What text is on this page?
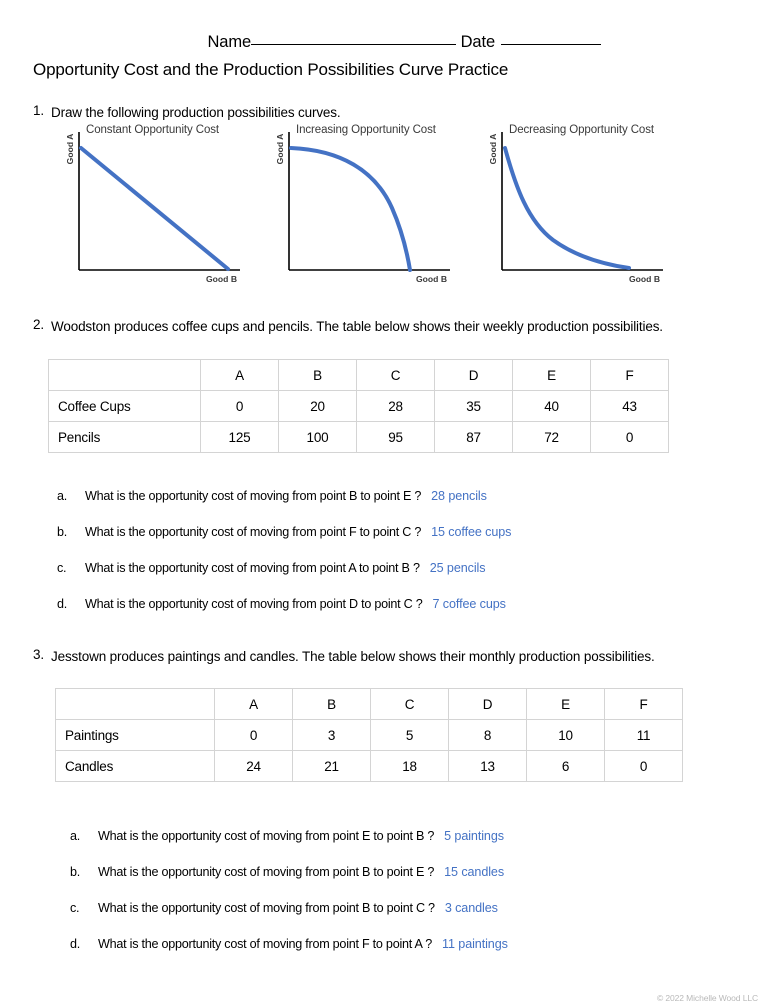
Name	Date
Opportunity Cost and the Production Possibilities Curve Practice
1. Draw the following production possibilities curves.
Constant Opportunity Cost
Good A
Good B
Increasing Opportunity Cost
Good A
Good B
Decreasing Opportunity Cost
Good A
Good B
2. Woodston produces coffee cups and pencils. The table below shows their weekly production possibilities.
	A	B	C	D	E	F
Coffee Cups	0	20	28	35	40	43
Pencils	125	100	95	87	72	0
a.	What is the opportunity cost of moving from point B to point E ? 28 pencils
b.	What is the opportunity cost of moving from point F to point C ? 15 coffee cups
c.	What is the opportunity cost of moving from point A to point B ? 25 pencils
d.	What is the opportunity cost of moving from point D to point C ? 7 coffee cups
3. Jesstown produces paintings and candles. The table below shows their monthly production possibilities.
	A	B	C	D	E	F
Paintings	0	3	5	8	10	11
Candles	24	21	18	13	6	0
a.	What is the opportunity cost of moving from point E to point B ? 5 paintings
b.	What is the opportunity cost of moving from point B to point E ? 15 candles
c.	What is the opportunity cost of moving from point B to point C ? 3 candles
d.	What is the opportunity cost of moving from point F to point A ? 11 paintings
© 2022 Michelle Wood LLC
